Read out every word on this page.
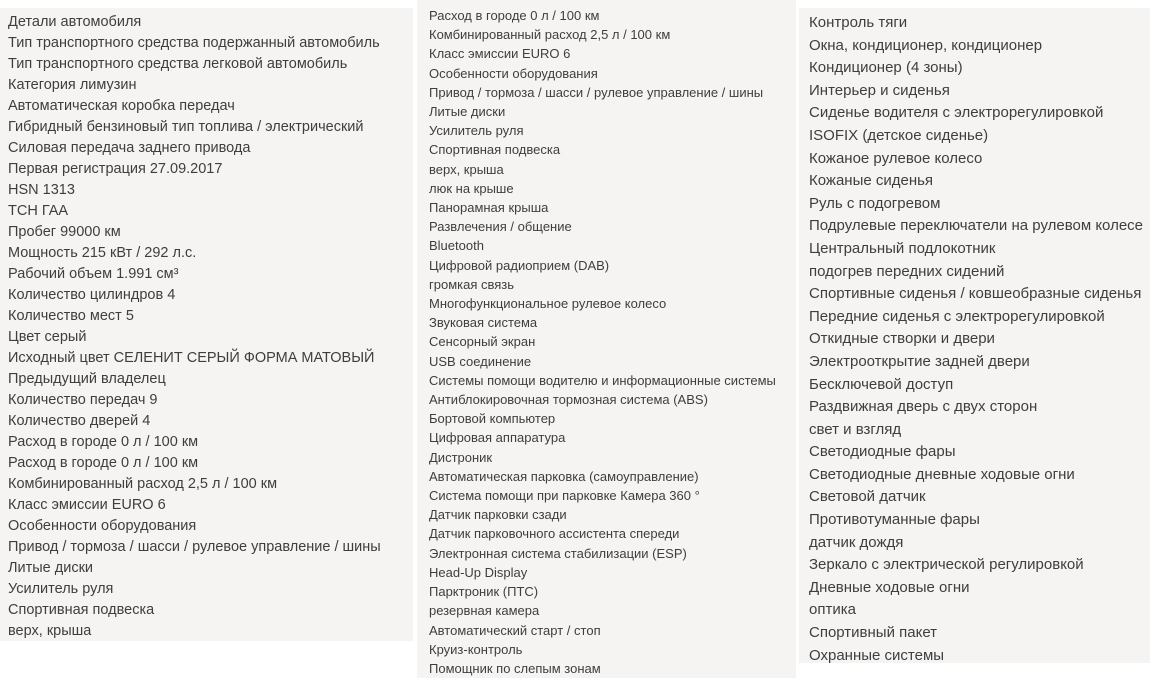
Детали автомобиля
Тип транспортного средства подержанный автомобиль
Тип транспортного средства легковой автомобиль
Категория лимузин
Автоматическая коробка передач
Гибридный бензиновый тип топлива / электрический
Силовая передача заднего привода
Первая регистрация 27.09.2017
HSN 1313
ТСН ГАА
Пробег 99000 км
Мощность 215 кВт / 292 л.с.
Рабочий объем 1.991 см³
Количество цилиндров 4
Количество мест 5
Цвет серый
Исходный цвет СЕЛЕНИТ СЕРЫЙ ФОРМА МАТОВЫЙ
Предыдущий владелец
Количество передач 9
Количество дверей 4
Расход в городе 0 л / 100 км
Расход в городе 0 л / 100 км
Комбинированный расход 2,5 л / 100 км
Класс эмиссии EURO 6
Особенности оборудования
Привод / тормоза / шасси / рулевое управление / шины
Литые диски
Усилитель руля
Спортивная подвеска
верх, крыша
Расход в городе 0 л / 100 км
Комбинированный расход 2,5 л / 100 км
Класс эмиссии EURO 6
Особенности оборудования
Привод / тормоза / шасси / рулевое управление / шины
Литые диски
Усилитель руля
Спортивная подвеска
верх, крыша
люк на крыше
Панорамная крыша
Развлечения / общение
Bluetooth
Цифровой радиоприем (DAB)
громкая связь
Многофункциональное рулевое колесо
Звуковая система
Сенсорный экран
USB соединение
Системы помощи водителю и информационные системы
Антиблокировочная тормозная система (ABS)
Бортовой компьютер
Цифровая аппаратура
Дистроник
Автоматическая парковка (самоуправление)
Система помощи при парковке Камера 360 °
Датчик парковки сзади
Датчик парковочного ассистента спереди
Электронная система стабилизации (ESP)
Head-Up Display
Парктроник (ПТС)
резервная камера
Автоматический старт / стоп
Круиз-контроль
Помощник по слепым зонам
Контроль тяги
Окна, кондиционер, кондиционер
Кондиционер (4 зоны)
Интерьер и сиденья
Сиденье водителя с электрорегулировкой
ISOFIX (детское сиденье)
Кожаное рулевое колесо
Кожаные сиденья
Руль с подогревом
Подрулевые переключатели на рулевом колесе
Центральный подлокотник
подогрев передних сидений
Спортивные сиденья / ковшеобразные сиденья
Передние сиденья с электрорегулировкой
Откидные створки и двери
Электрооткрытие задней двери
Бесключевой доступ
Раздвижная дверь с двух сторон
свет и взгляд
Светодиодные фары
Светодиодные дневные ходовые огни
Световой датчик
Противотуманные фары
датчик дождя
Зеркало с электрической регулировкой
Дневные ходовые огни
оптика
Спортивный пакет
Охранные системы
